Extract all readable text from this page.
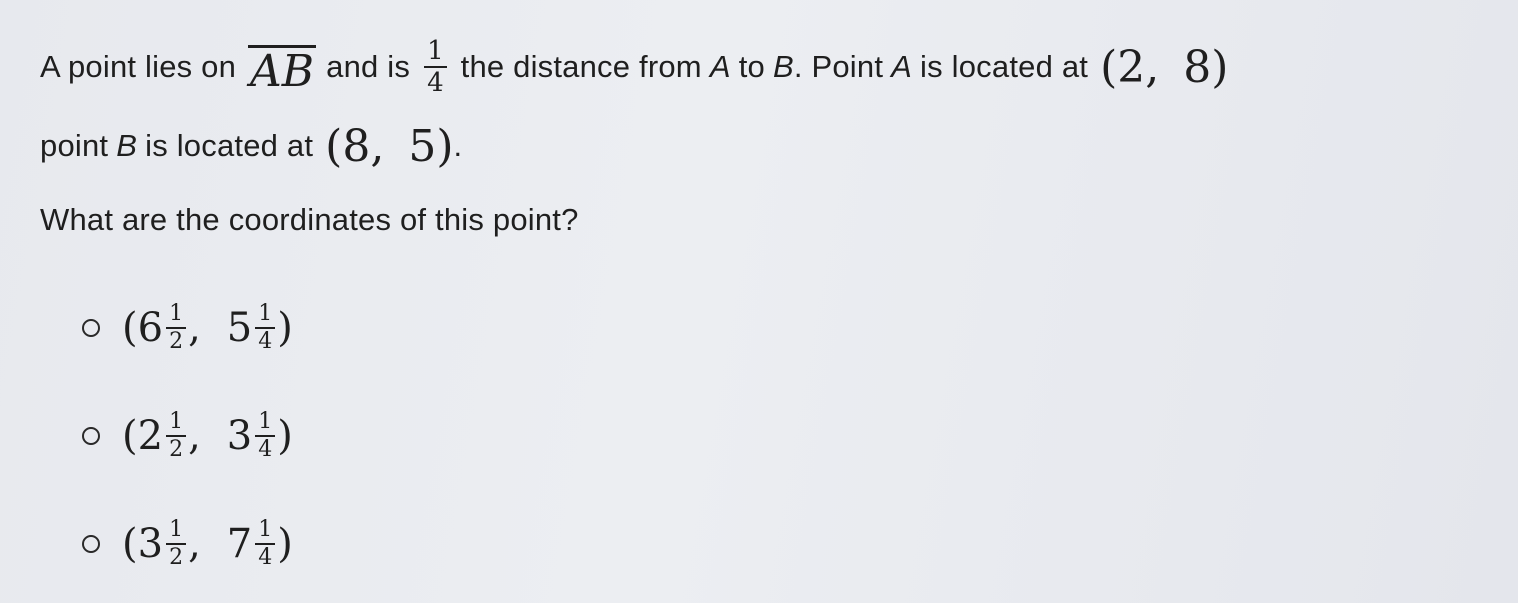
A point lies on AB and is $\frac{1}{4}$ the distance from A to B . Point A is located at (2, 8)
point B is located at (8, 5) .
What are the coordinates of this point?
( $6 \frac{1}{2}$ , $5 \frac{1}{4}$ )
( $2 \frac{1}{2}$ , $3 \frac{1}{4}$ )
( $3 \frac{1}{2}$ , $7 \frac{1}{4}$ )
